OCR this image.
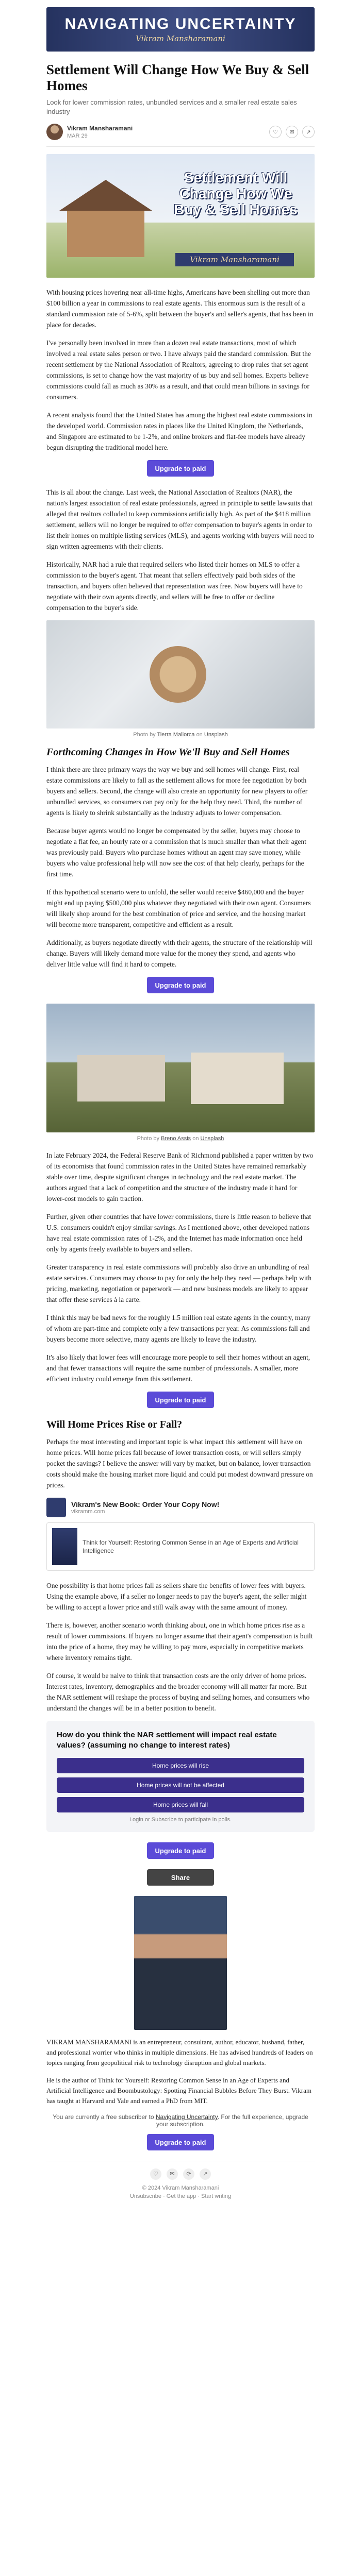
NAVIGATING UNCERTAINTY
Vikram Mansharamani
Settlement Will Change How We Buy & Sell Homes
Look for lower commission rates, unbundled services and a smaller real estate sales industry
Vikram Mansharamani
MAR 29
♡	✉	↗
Settlement Will Change How We Buy & Sell Homes
Vikram Mansharamani

With housing prices hovering near all-time highs, Americans have been shelling out more than $100 billion a year in commissions to real estate agents. This enormous sum is the result of a standard commission rate of 5-6%, split between the buyer's and seller's agents, that has been in place for decades.

I've personally been involved in more than a dozen real estate transactions, most of which involved a real estate sales person or two. I have always paid the standard commission. But the recent settlement by the National Association of Realtors, agreeing to drop rules that set agent commissions, is set to change how the vast majority of us buy and sell homes. Experts believe commissions could fall as much as 30% as a result, and that could mean billions in savings for consumers.

A recent analysis found that the United States has among the highest real estate commissions in the developed world. Commission rates in places like the United Kingdom, the Netherlands, and Singapore are estimated to be 1-2%, and online brokers and flat-fee models have already begun disrupting the traditional model here.

Upgrade to paid

This is all about the change. Last week, the National Association of Realtors (NAR), the nation's largest association of real estate professionals, agreed in principle to settle lawsuits that alleged that realtors colluded to keep commissions artificially high. As part of the $418 million settlement, sellers will no longer be required to offer compensation to buyer's agents in order to list their homes on multiple listing services (MLS), and agents working with buyers will need to sign written agreements with their clients.

Historically, NAR had a rule that required sellers who listed their homes on MLS to offer a commission to the buyer's agent. That meant that sellers effectively paid both sides of the transaction, and buyers often believed that representation was free. Now buyers will have to negotiate with their own agents directly, and sellers will be free to offer or decline compensation to the buyer's side.

Photo by Tierra Mallorca on Unsplash
Forthcoming Changes in How We'll Buy and Sell Homes

I think there are three primary ways the way we buy and sell homes will change. First, real estate commissions are likely to fall as the settlement allows for more fee negotiation by both buyers and sellers. Second, the change will also create an opportunity for new players to offer unbundled services, so consumers can pay only for the help they need. Third, the number of agents is likely to shrink substantially as the industry adjusts to lower compensation.

Because buyer agents would no longer be compensated by the seller, buyers may choose to negotiate a flat fee, an hourly rate or a commission that is much smaller than what their agent was previously paid. Buyers who purchase homes without an agent may save money, while buyers who value professional help will now see the cost of that help clearly, perhaps for the first time.

If this hypothetical scenario were to unfold, the seller would receive $460,000 and the buyer might end up paying $500,000 plus whatever they negotiated with their own agent. Consumers will likely shop around for the best combination of price and service, and the housing market will become more transparent, competitive and efficient as a result.

Additionally, as buyers negotiate directly with their agents, the structure of the relationship will change. Buyers will likely demand more value for the money they spend, and agents who deliver little value will find it hard to compete.

Upgrade to paid
Photo by Breno Assis on Unsplash

In late February 2024, the Federal Reserve Bank of Richmond published a paper written by two of its economists that found commission rates in the United States have remained remarkably stable over time, despite significant changes in technology and the real estate market. The authors argued that a lack of competition and the structure of the industry made it hard for lower-cost models to gain traction.

Further, given other countries that have lower commissions, there is little reason to believe that U.S. consumers couldn't enjoy similar savings. As I mentioned above, other developed nations have real estate commission rates of 1-2%, and the Internet has made information once held only by agents freely available to buyers and sellers.

Greater transparency in real estate commissions will probably also drive an unbundling of real estate services. Consumers may choose to pay for only the help they need — perhaps help with pricing, marketing, negotiation or paperwork — and new business models are likely to appear that offer these services à la carte.

I think this may be bad news for the roughly 1.5 million real estate agents in the country, many of whom are part-time and complete only a few transactions per year. As commissions fall and buyers become more selective, many agents are likely to leave the industry.

It's also likely that lower fees will encourage more people to sell their homes without an agent, and that fewer transactions will require the same number of professionals. A smaller, more efficient industry could emerge from this settlement.

Upgrade to paid
Will Home Prices Rise or Fall?

Perhaps the most interesting and important topic is what impact this settlement will have on home prices. Will home prices fall because of lower transaction costs, or will sellers simply pocket the savings? I believe the answer will vary by market, but on balance, lower transaction costs should make the housing market more liquid and could put modest downward pressure on prices.

Vikram's New Book: Order Your Copy Now!
vikramm.com
Think for Yourself: Restoring Common Sense in an Age of Experts and Artificial Intelligence

One possibility is that home prices fall as sellers share the benefits of lower fees with buyers. Using the example above, if a seller no longer needs to pay the buyer's agent, the seller might be willing to accept a lower price and still walk away with the same amount of money.

There is, however, another scenario worth thinking about, one in which home prices rise as a result of lower commissions. If buyers no longer assume that their agent's compensation is built into the price of a home, they may be willing to pay more, especially in competitive markets where inventory remains tight.

Of course, it would be naive to think that transaction costs are the only driver of home prices. Interest rates, inventory, demographics and the broader economy will all matter far more. But the NAR settlement will reshape the process of buying and selling homes, and consumers who understand the changes will be in a better position to benefit.

How do you think the NAR settlement will impact real estate values? (assuming no change to interest rates)
Home prices will rise
Home prices will not be affected
Home prices will fall
Login or Subscribe to participate in polls.
Upgrade to paid
Share

VIKRAM MANSHARAMANI is an entrepreneur, consultant, author, educator, husband, father, and professional worrier who thinks in multiple dimensions. He has advised hundreds of leaders on topics ranging from geopolitical risk to technology disruption and global markets.

He is the author of Think for Yourself: Restoring Common Sense in an Age of Experts and Artificial Intelligence and Boombustology: Spotting Financial Bubbles Before They Burst. Vikram has taught at Harvard and Yale and earned a PhD from MIT.

You are currently a free subscriber to Navigating Uncertainty. For the full experience, upgrade your subscription.
Upgrade to paid
♡	✉	⟳	↗
© 2024 Vikram Mansharamani
Unsubscribe · Get the app · Start writing
